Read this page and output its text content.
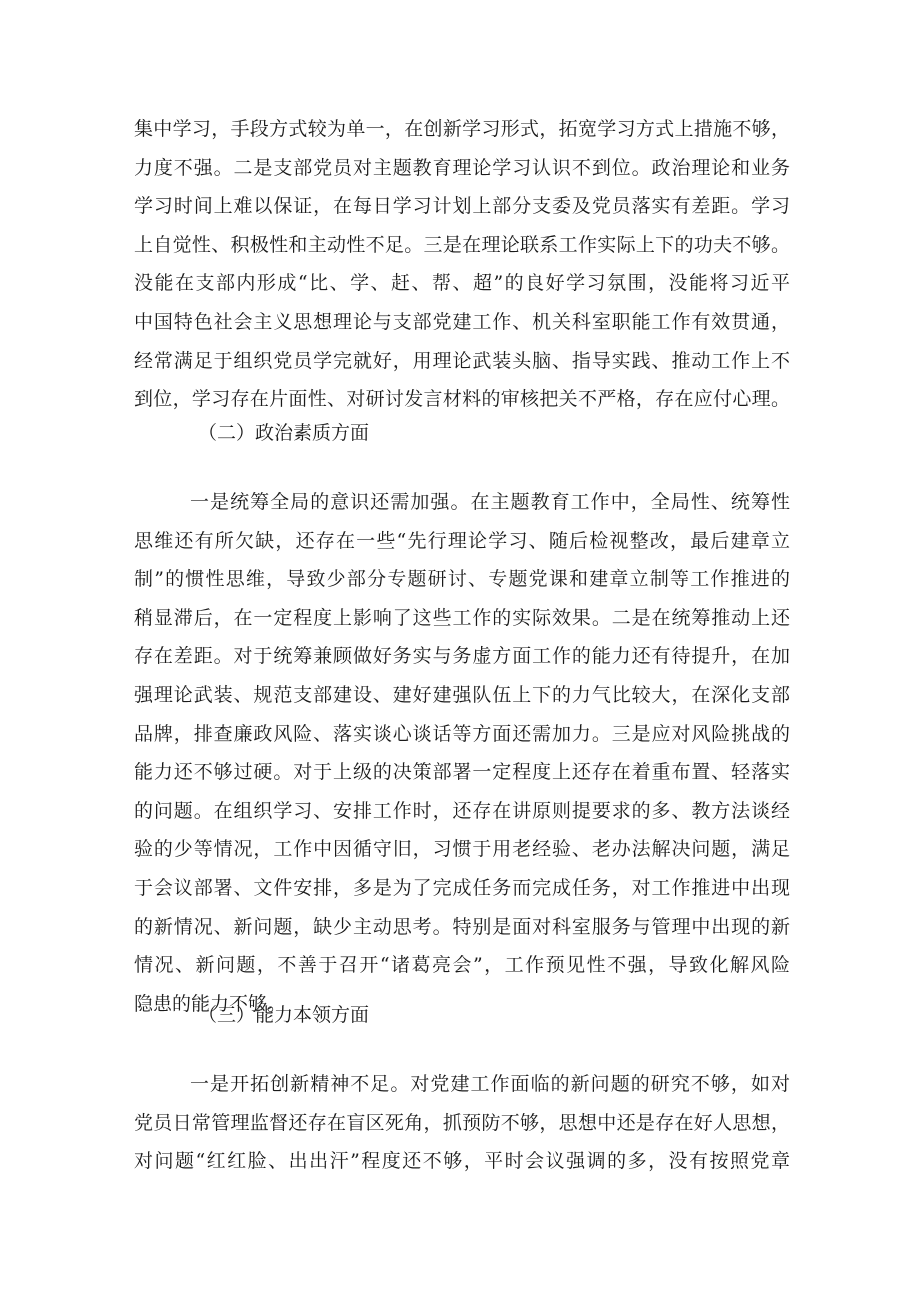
集中学习，手段方式较为单一，在创新学习形式，拓宽学习方式上措施不够，
力度不强。二是支部党员对主题教育理论学习认识不到位。政治理论和业务
学习时间上难以保证，在每日学习计划上部分支委及党员落实有差距。学习
上自觉性、积极性和主动性不足。三是在理论联系工作实际上下的功夫不够。
没能在支部内形成“比、学、赶、帮、超”的良好学习氛围，没能将习近平
中国特色社会主义思想理论与支部党建工作、机关科室职能工作有效贯通，
经常满足于组织党员学完就好，用理论武装头脑、指导实践、推动工作上不
到位，学习存在片面性、对研讨发言材料的审核把关不严格，存在应付心理。
（二）政治素质方面
一是统筹全局的意识还需加强。在主题教育工作中，全局性、统筹性
思维还有所欠缺，还存在一些“先行理论学习、随后检视整改，最后建章立
制”的惯性思维，导致少部分专题研讨、专题党课和建章立制等工作推进的
稍显滞后，在一定程度上影响了这些工作的实际效果。二是在统筹推动上还
存在差距。对于统筹兼顾做好务实与务虚方面工作的能力还有待提升，在加
强理论武装、规范支部建设、建好建强队伍上下的力气比较大，在深化支部
品牌，排查廉政风险、落实谈心谈话等方面还需加力。三是应对风险挑战的
能力还不够过硬。对于上级的决策部署一定程度上还存在着重布置、轻落实
的问题。在组织学习、安排工作时，还存在讲原则提要求的多、教方法谈经
验的少等情况，工作中因循守旧，习惯于用老经验、老办法解决问题，满足
于会议部署、文件安排，多是为了完成任务而完成任务，对工作推进中出现
的新情况、新问题，缺少主动思考。特别是面对科室服务与管理中出现的新
情况、新问题，不善于召开“诸葛亮会”，工作预见性不强，导致化解风险
隐患的能力不够。
（三）能力本领方面
一是开拓创新精神不足。对党建工作面临的新问题的研究不够，如对
党员日常管理监督还存在盲区死角，抓预防不够，思想中还是存在好人思想，
对问题“红红脸、出出汗”程度还不够，平时会议强调的多，没有按照党章
